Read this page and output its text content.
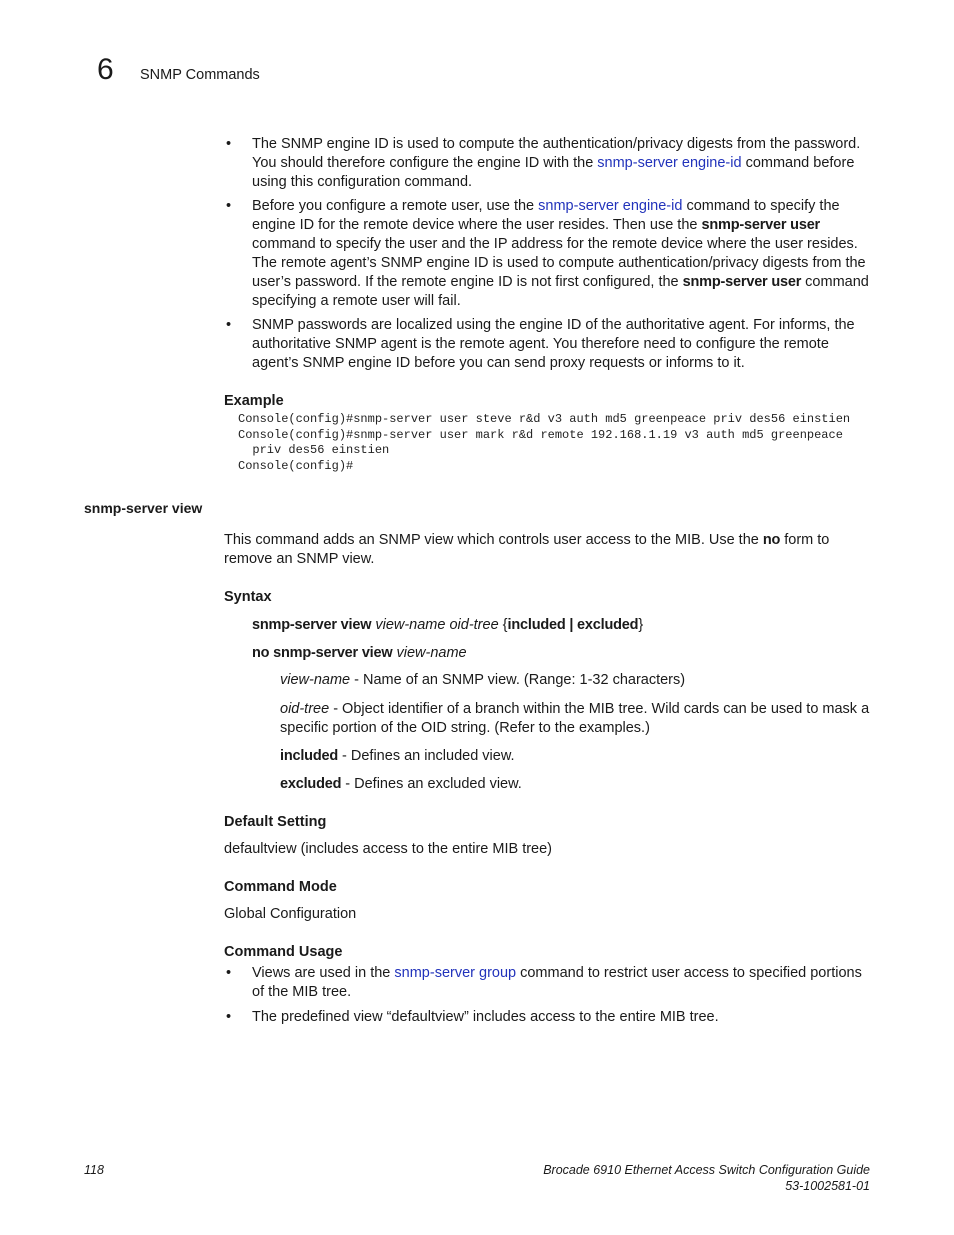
6 SNMP Commands
• The SNMP engine ID is used to compute the authentication/privacy digests from the password. You should therefore configure the engine ID with the snmp-server engine-id command before using this configuration command.

• Before you configure a remote user, use the snmp-server engine-id command to specify the engine ID for the remote device where the user resides. Then use the snmp-server user command to specify the user and the IP address for the remote device where the user resides. The remote agent’s SNMP engine ID is used to compute authentication/privacy digests from the user’s password. If the remote engine ID is not first configured, the snmp-server user command specifying a remote user will fail.

• SNMP passwords are localized using the engine ID of the authoritative agent. For informs, the authoritative SNMP agent is the remote agent. You therefore need to configure the remote agent’s SNMP engine ID before you can send proxy requests or informs to it.

Example
Console(config)#snmp-server user steve r&d v3 auth md5 greenpeace priv des56 einstien
Console(config)#snmp-server user mark r&d remote 192.168.1.19 v3 auth md5 greenpeace
priv des56 einstien
Console(config)#
snmp-server view

This command adds an SNMP view which controls user access to the MIB. Use the no form to remove an SNMP view.

Syntax

snmp-server view view-name oid-tree {included | excluded}

no snmp-server view view-name

view-name - Name of an SNMP view. (Range: 1-32 characters)

oid-tree - Object identifier of a branch within the MIB tree. Wild cards can be used to mask a specific portion of the OID string. (Refer to the examples.)

included - Defines an included view.

excluded - Defines an excluded view.

Default Setting

defaultview (includes access to the entire MIB tree)

Command Mode

Global Configuration

Command Usage
• Views are used in the snmp-server group command to restrict user access to specified portions of the MIB tree.

• The predefined view “defaultview” includes access to the entire MIB tree.

118	Brocade 6910 Ethernet Access Switch Configuration Guide
53-1002581-01
